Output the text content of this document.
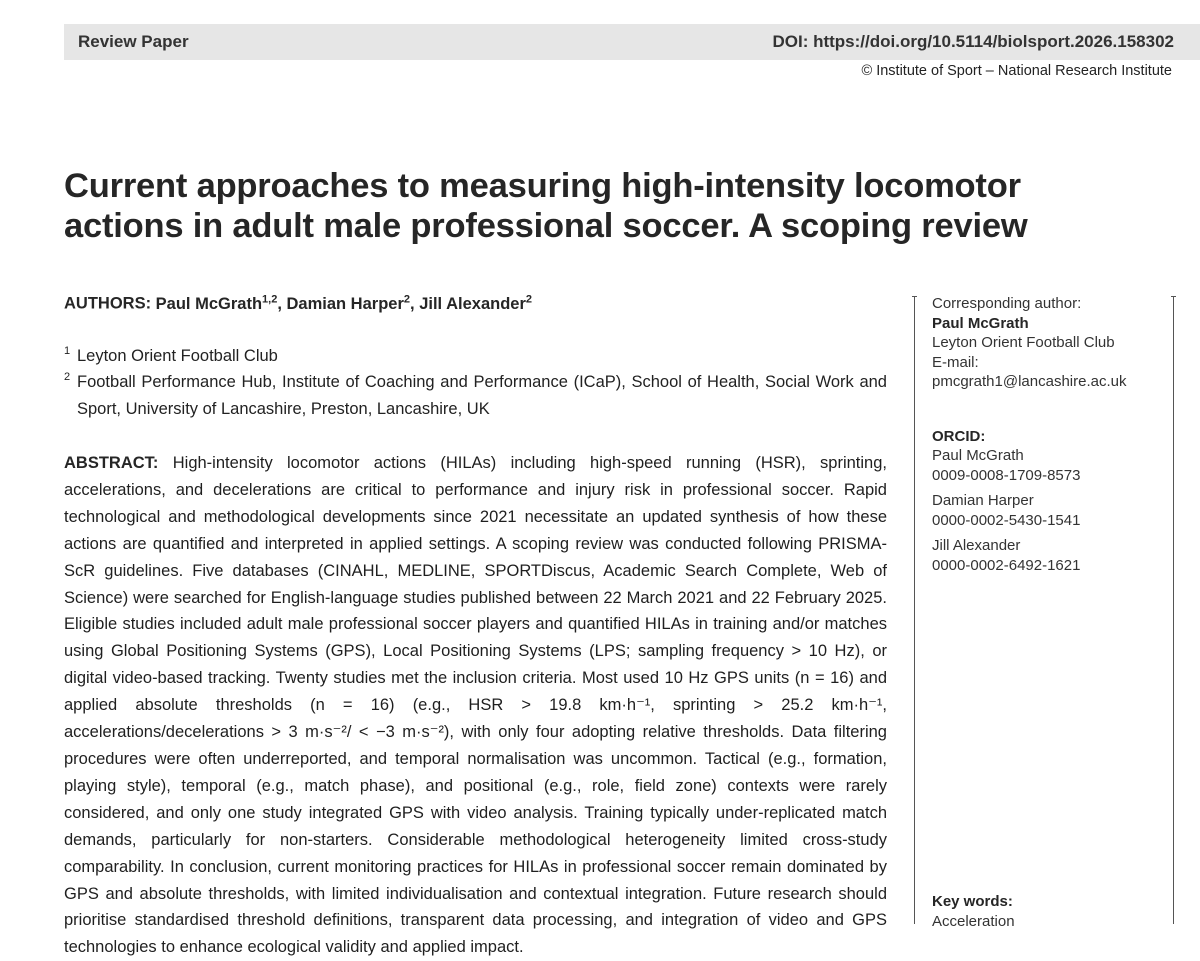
Review Paper	DOI: https://doi.org/10.5114/biolsport.2026.158302
© Institute of Sport – National Research Institute
Current approaches to measuring high-intensity locomotor actions in adult male professional soccer. A scoping review

AUTHORS: Paul McGrath$^{1,2}$, Damian Harper$^2$, Jill Alexander$^2$

1 Leyton Orient Football Club
2 Football Performance Hub, Institute of Coaching and Performance (ICaP), School of Health, Social Work and Sport, University of Lancashire, Preston, Lancashire, UK
ABSTRACT: High-intensity locomotor actions (HILAs) including high-speed running (HSR), sprinting, accelerations, and decelerations are critical to performance and injury risk in professional soccer. Rapid technological and methodological developments since 2021 necessitate an updated synthesis of how these actions are quantified and interpreted in applied settings. A scoping review was conducted following PRISMA-ScR guidelines. Five databases (CINAHL, MEDLINE, SPORTDiscus, Academic Search Complete, Web of Science) were searched for English-language studies published between 22 March 2021 and 22 February 2025. Eligible studies included adult male professional soccer players and quantified HILAs in training and/or matches using Global Positioning Systems (GPS), Local Positioning Systems (LPS; sampling frequency > 10 Hz), or digital video-based tracking. Twenty studies met the inclusion criteria. Most used 10 Hz GPS units (n = 16) and applied absolute thresholds (n = 16) (e.g., HSR > 19.8 km·h⁻¹, sprinting > 25.2 km·h⁻¹, accelerations/decelerations > 3 m·s⁻²/ < −3 m·s⁻²), with only four adopting relative thresholds. Data filtering procedures were often underreported, and temporal normalisation was uncommon. Tactical (e.g., formation, playing style), temporal (e.g., match phase), and positional (e.g., role, field zone) contexts were rarely considered, and only one study integrated GPS with video analysis. Training typically under-replicated match demands, particularly for non-starters. Considerable methodological heterogeneity limited cross-study comparability. In conclusion, current monitoring practices for HILAs in professional soccer remain dominated by GPS and absolute thresholds, with limited individualisation and contextual integration. Future research should prioritise standardised threshold definitions, transparent data processing, and integration of video and GPS technologies to enhance ecological validity and applied impact.
Corresponding author:
Paul McGrath
Leyton Orient Football Club
E-mail:
pmcgrath1@lancashire.ac.uk
ORCID:
Paul McGrath
0009-0008-1709-8573
Damian Harper
0000-0002-5430-1541
Jill Alexander
0000-0002-6492-1621
Key words:
Acceleration
